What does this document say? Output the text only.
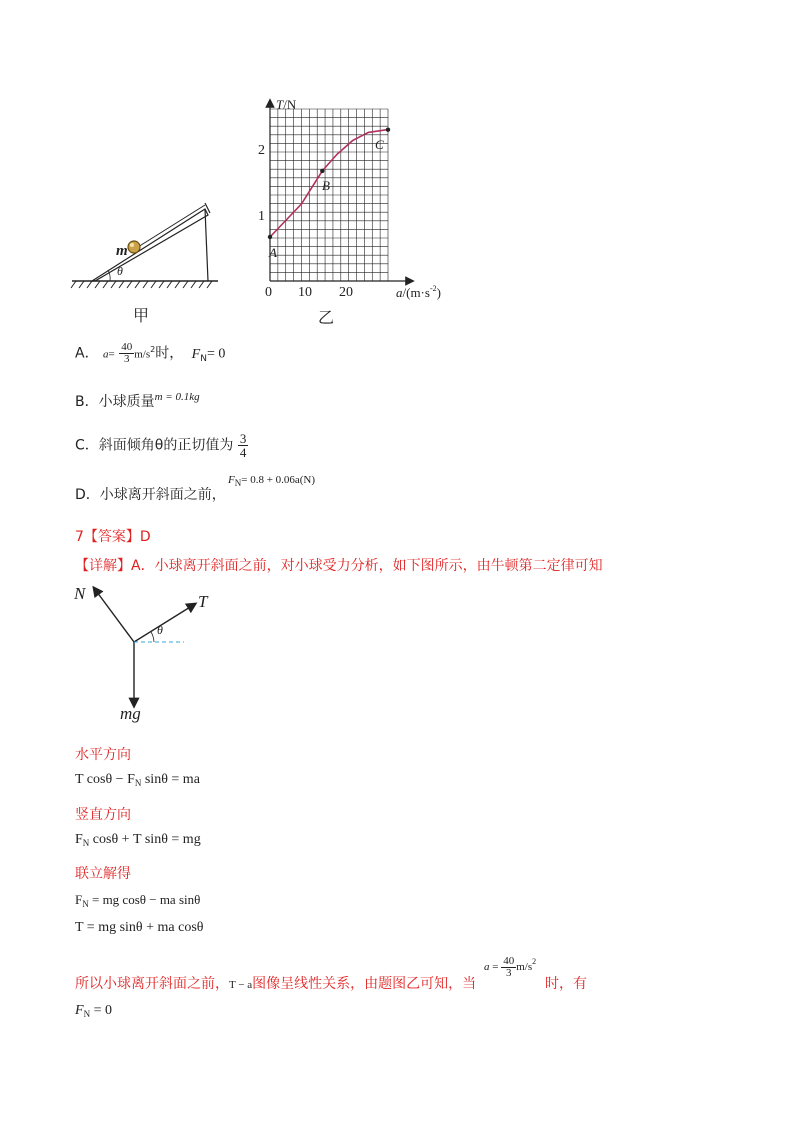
m
θ
甲
T/N
1
2
0 10 20	$a/(m\cdot s^{-2})$
A
B
C
乙
A． $a= \frac{40}{3} m/s^2$时， $F_N= 0$
B．小球质量$^{m = 0.1kg}$
C．斜面倾角θ的正切值为 $\frac{3}{4}$
D．小球离开斜面之前，
$F_N= 0.8 + 0.06a(N)$
7【答案】D
【详解】A．小球离开斜面之前，对小球受力分析，如下图所示，由牛顿第二定律可知
N	T
θ
mg
水平方向
T $\cos\theta - F_N$ sinθ = ma
竖直方向
$F_N$ cosθ + T sinθ = mg
联立解得
$F_N$ = mg cosθ − ma sinθ
T = mg sinθ + ma cosθ
所以小球离开斜面之前，T − a图像呈线性关系，由题图乙可知，当
$a = \frac{40}{3} m/s^2$
时，有
$F_N = 0$
